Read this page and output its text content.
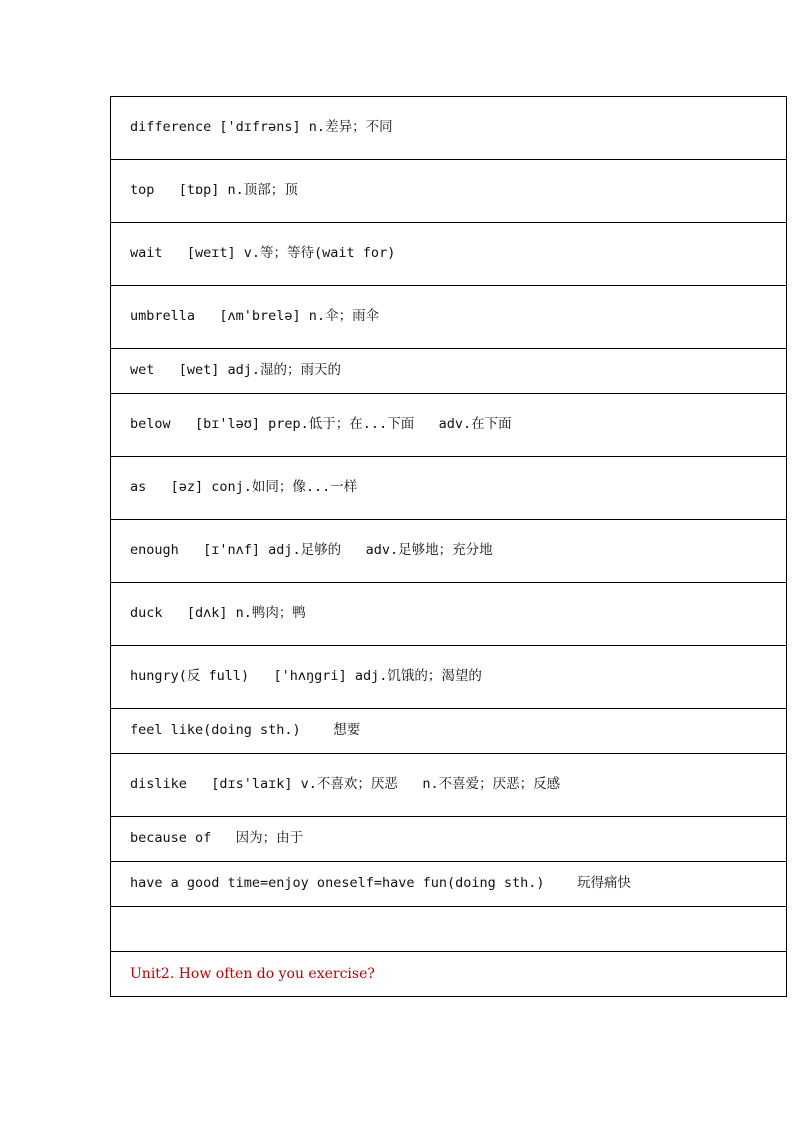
difference ['dɪfrəns] n.差异；不同
top   [tɒp] n.顶部；顶
wait   [weɪt] v.等；等待(wait for)
umbrella   [ʌm'brelə] n.伞；雨伞
wet   [wet] adj.湿的；雨天的
below   [bɪ'ləʊ] prep.低于；在...下面   adv.在下面
as   [əz] conj.如同；像...一样
enough   [ɪ'nʌf] adj.足够的   adv.足够地；充分地
duck   [dʌk] n.鸭肉；鸭
hungry(反 full)   ['hʌŋgri] adj.饥饿的；渴望的
feel like(doing sth.)    想要
dislike   [dɪs'laɪk] v.不喜欢；厌恶   n.不喜爱；厌恶；反感
because of   因为；由于
have a good time=enjoy oneself=have fun(doing sth.)    玩得痛快
Unit2. How often do you exercise?
